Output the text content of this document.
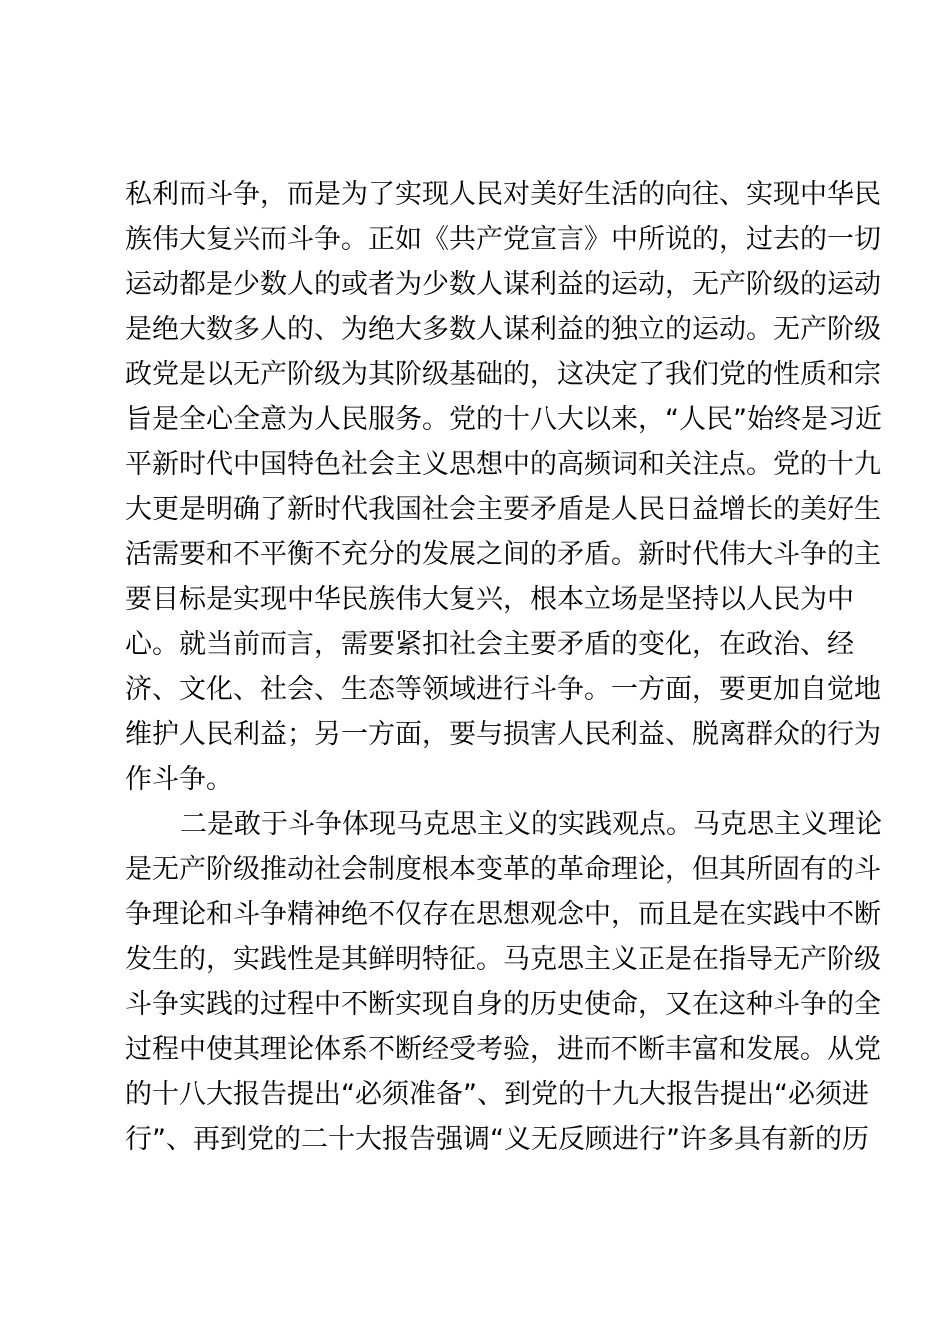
私利而斗争，而是为了实现人民对美好生活的向往、实现中华民
族伟大复兴而斗争。正如《共产党宣言》中所说的，过去的一切
运动都是少数人的或者为少数人谋利益的运动，无产阶级的运动
是绝大数多人的、为绝大多数人谋利益的独立的运动。无产阶级
政党是以无产阶级为其阶级基础的，这决定了我们党的性质和宗
旨是全心全意为人民服务。党的十八大以来，“人民”始终是习近
平新时代中国特色社会主义思想中的高频词和关注点。党的十九
大更是明确了新时代我国社会主要矛盾是人民日益增长的美好生
活需要和不平衡不充分的发展之间的矛盾。新时代伟大斗争的主
要目标是实现中华民族伟大复兴，根本立场是坚持以人民为中
心。就当前而言，需要紧扣社会主要矛盾的变化，在政治、经
济、文化、社会、生态等领域进行斗争。一方面，要更加自觉地
维护人民利益；另一方面，要与损害人民利益、脱离群众的行为
作斗争。
二是敢于斗争体现马克思主义的实践观点。马克思主义理论
是无产阶级推动社会制度根本变革的革命理论，但其所固有的斗
争理论和斗争精神绝不仅存在思想观念中，而且是在实践中不断
发生的，实践性是其鲜明特征。马克思主义正是在指导无产阶级
斗争实践的过程中不断实现自身的历史使命，又在这种斗争的全
过程中使其理论体系不断经受考验，进而不断丰富和发展。从党
的十八大报告提出“必须准备”、到党的十九大报告提出“必须进
行”、再到党的二十大报告强调“义无反顾进行”许多具有新的历
